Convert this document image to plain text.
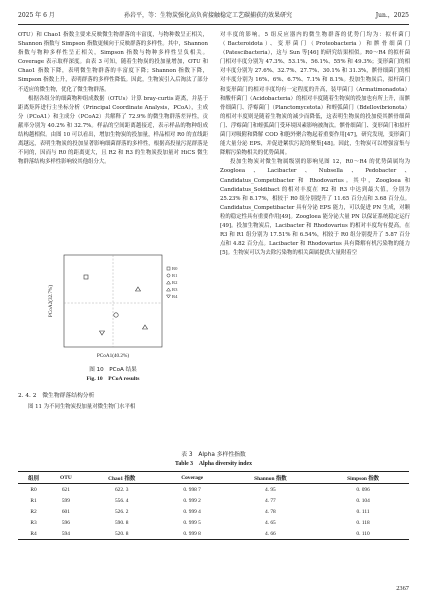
2025 年 6 月	孙岩平，等：生物炭强化高负荷接触稳定工艺碳捕获的效果研究	Jun.，2025

OTU）和 Chao1 指数主要来反映微生物群落的丰富度，与物种数呈正相关，Shannon 指数与 Simpson 指数更倾向于反映群落的多样性。其中，Shannon 指数与物种多样性呈正相关，Simpson 指数与物种多样性呈负相关。Coverage 表示取样深度。由表 3 可知，随着生物炭的投加量增加，OTU 和 Chao1 指数下降，表明微生物群落的丰富度下降；Shannon 指数下降，Simpson 指数上升，表明群落的多样性降低。因此，生物炭引入后淘汰了部分不适应的微生物，优化了微生物群落。

根据各组分的细菌物种组成数据（OTUs）计算 bray-curtis 距离，并基于距离矩阵进行主坐标分析（Principal Coordinate Analysis，PCoA），主成分（PCoA1）和主成分（PCoA2）共解释了 72.9% 的微生物群落差异性，贡献率分别为 40.2% 和 32.7%。样品的空间距离越接近，表示样品的物种组成结构越相似。由图 10 可以看出，增加生物炭的投加量，样品相对 R0 的直线距离越远，表明生物炭的投加显著影响细菌群落的多样性，根据高投量污泥群落是不同的，因而与 R0 的距离更大，且 R2 和 R3 的生物炭投加量对 HiCS 微生物群落结构多样性影响较其他组分大。

R0
R1
R2
R3
R4
PCoA1(40.2%)
PCoA2(32.7%)
图 10　PCoA 结果
Fig. 10　PCoA results
2. 4. 2　微生物群落结构分析
图 11 为不同生物炭投加量对微生物门水平相

对丰度的影响。5 组反应器内的微生物群落的优势门均为：拟杆菌门（Bacteroidota）、变形菌门（Proteobacteria）和髌骨细菌门（Patescibacteria），这与 Sun 等[46] 的研究结果相似。R0～R4 的拟杆菌门相对丰度分别为 47.3%、53.1%、56.1%、55% 和 49.3%；变形菌门的相对丰度分别为 27.6%、32.7%、27.7%、30.1% 和 31.3%，髌骨细菌门的相对丰度分别为 16%、6%、6.7%、7.1% 和 8.1%。投加生物炭后，拟杆菌门和变形菌门的相对丰度均有一定程度的升高，装甲菌门（Armatimonadota）和酸杆菌门（Acidobacteria）的相对丰度随着生物炭的投加也有所上升，而髌骨细菌门、浮霉菌门（Planctomycetota）和蛭弧菌门（Bdellovibrionota）的相对丰度则是随着生物炭的减少而降低，这表明生物炭的投加使其髌骨细菌门、浮霉菌门和蛭弧菌门受环境因素影响被淘汰。髌骨细菌门、变形菌门和拟杆菌门对吸附和降解 COD 和胞外聚合物起着重要作用[47]，研究发现，变形菌门能大量分泌 EPS，并促进絮状污泥的聚集[48]。因此，生物炭可以增强富集与降解污染物相关的优势菌属。

投加生物炭对微生物属级别的影响见图 12，R0～R4 的优势菌属均为 Zoogloea、Lacibacter、Nubsella、Pedobacter、Candidatus_Competibacter 和 Rhodovarius。其中，Zoogloea 和 Candidatus_Soldibact 的相对丰度在 R2 和 R3 中达到最大值，分别为 25.23% 和 8.17%，相较于 R0 组分别提升了 11.65 百分点和 3.68 百分点。Candidatus_Competibacter 具有分泌 EPS 能力，可以促进 PN 生成，对颗粒的稳定性具有重要作用[49]。Zoogloea 能分泌大量 PN 以保证系统稳定运行[49]。投加生物炭后，Lacibacter 和 Rhodovarius 的相对丰度均有提高，在 R3 和 R1 组分别为 17.51% 和 6.54%，相较于 R0 组分别提升了 5.87 百分点和 4.82 百分点。Lacibacter 和 Rhodovarius 具有降解有机污染物的能力[5]。生物炭可以为去除污染物的相关菌属提供大量附着空

表 3　Alpha 多样性指数
Table 3　Alpha diversity index
组别	OTU	Chao1 指数	Coverage	Shannon 指数	Simpson 指数
R0	621	622. 3	0. 998 7	4. 95	0. 096
R1	599	556. 4	0. 999 2	4. 77	0. 104
R2	601	526. 2	0. 999 4	4. 78	0. 111
R3	596	590. 8	0. 999 5	4. 65	0. 118
R4	594	520. 8	0. 999 8	4. 66	0. 110
2367
